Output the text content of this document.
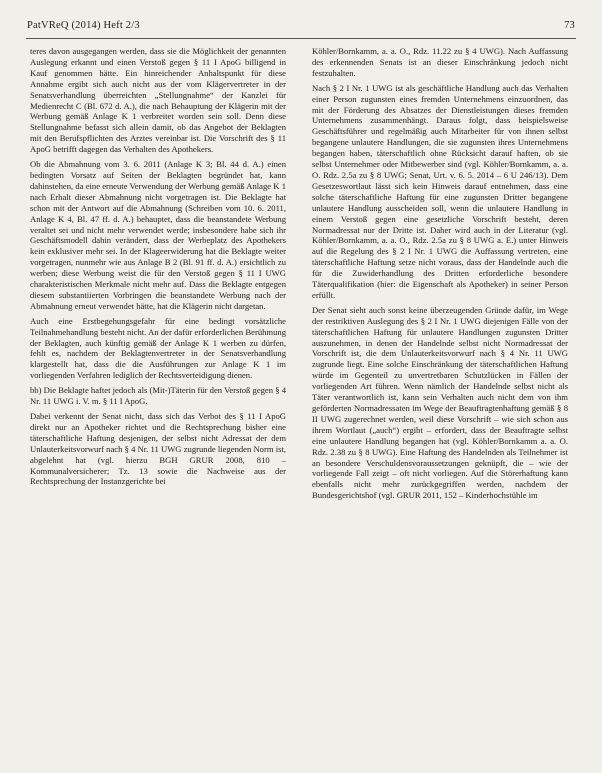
PatVReQ (2014) Heft 2/3	73

teres davon ausgegangen werden, dass sie die Möglichkeit der genannten Auslegung erkannt und einen Verstoß gegen § 11 I ApoG billigend in Kauf genommen hätte. Ein hinreichender Anhaltspunkt für diese Annahme ergibt sich auch nicht aus der vom Klägervertreter in der Senatsverhandlung überreichten „Stellungnahme“ der Kanzlei für Medienrecht C (Bl. 672 d. A.), die nach Behauptung der Klägerin mit der Werbung gemäß Anlage K 1 verbreitet worden sein soll. Denn diese Stellungnahme befasst sich allein damit, ob das Angebot der Beklagten mit den Berufspflichten des Arztes vereinbar ist. Die Vorschrift des § 11 ApoG betrifft dagegen das Verhalten des Apothekers.

Ob die Abmahnung vom 3. 6. 2011 (Anlage K 3; Bl. 44 d. A.) einen bedingten Vorsatz auf Seiten der Beklagten begründet hat, kann dahinstehen, da eine erneute Verwendung der Werbung gemäß Anlage K 1 nach Erhalt dieser Abmahnung nicht vorgetragen ist. Die Beklagte hat schon mit der Antwort auf die Abmahnung (Schreiben vom 10. 6. 2011, Anlage K 4, Bl. 47 ff. d. A.) behauptet, dass die beanstandete Werbung veraltet sei und nicht mehr verwendet werde; insbesondere habe sich ihr Geschäftsmodell dahin verändert, dass der Werbeplatz des Apothekers kein exklusiver mehr sei. In der Klageerwiderung hat die Beklagte weiter vorgetragen, nunmehr wie aus Anlage B 2 (Bl. 91 ff. d. A.) ersichtlich zu werben; diese Werbung weist die für den Verstoß gegen § 11 I UWG charakteristischen Merkmale nicht mehr auf. Dass die Beklagte entgegen diesem substantiierten Vorbringen die beanstandete Werbung nach der Abmahnung erneut verwendet hätte, hat die Klägerin nicht dargetan.

Auch eine Erstbegehungsgefahr für eine bedingt vorsätzliche Teilnahmehandlung besteht nicht. An der dafür erforderlichen Berühmung der Beklagten, auch künftig gemäß der Anlage K 1 werben zu dürfen, fehlt es, nachdem der Beklagtenvertreter in der Senatsverhandlung klargestellt hat, dass die die Ausführungen zur Anlage K 1 im vorliegenden Verfahren lediglich der Rechtsverteidigung dienen.

bb) Die Beklagte haftet jedoch als (Mit-)Täterin für den Verstoß gegen § 4 Nr. 11 UWG i. V. m. § 11 I ApoG.

Dabei verkennt der Senat nicht, dass sich das Verbot des § 11 I ApoG direkt nur an Apotheker richtet und die Rechtsprechung bisher eine täterschaftliche Haftung desjenigen, der selbst nicht Adressat der dem Unlauterkeitsvorwurf nach § 4 Nr. 11 UWG zugrunde liegenden Norm ist, abgelehnt hat (vgl. hierzu BGH GRUR 2008, 810 – Kommunalversicherer; Tz. 13 sowie die Nachweise aus der Rechtsprechung der Instanzgerichte bei

Köhler/Bornkamm, a. a. O., Rdz. 11.22 zu § 4 UWG). Nach Auffassung des erkennenden Senats ist an dieser Einschränkung jedoch nicht festzuhalten.

Nach § 2 I Nr. 1 UWG ist als geschäftliche Handlung auch das Verhalten einer Person zugunsten eines fremden Unternehmens einzuordnen, das mit der Förderung des Absatzes der Dienstleistungen dieses fremden Unternehmens zusammenhängt. Daraus folgt, dass beispielsweise Geschäftsführer und regelmäßig auch Mitarbeiter für von ihnen selbst begangene unlautere Handlungen, die sie zugunsten ihres Unternehmens begangen haben, täterschaftlich ohne Rücksicht darauf haften, ob sie selbst Unternehmer oder Mitbewerber sind (vgl. Köhler/Bornkamm, a. a. O. Rdz. 2.5a zu § 8 UWG; Senat, Urt. v. 6. 5. 2014 – 6 U 246/13). Dem Gesetzeswortlaut lässt sich kein Hinweis darauf entnehmen, dass eine solche täterschaftliche Haftung für eine zugunsten Dritter begangene unlautere Handlung ausscheiden soll, wenn die unlautere Handlung in einem Verstoß gegen eine gesetzliche Vorschrift besteht, deren Normadressat nur der Dritte ist. Daher wird auch in der Literatur (vgl. Köhler/Bornkamm, a. a. O., Rdz. 2.5a zu § 8 UWG a. E.) unter Hinweis auf die Regelung des § 2 I Nr. 1 UWG die Auffassung vertreten, eine täterschaftliche Haftung setze nicht voraus, dass der Handelnde auch die für die Zuwiderhandlung des Dritten erforderliche besondere Täterqualifikation (hier: die Eigenschaft als Apotheker) in seiner Person erfüllt.

Der Senat sieht auch sonst keine überzeugenden Gründe dafür, im Wege der restriktiven Auslegung des § 2 I Nr. 1 UWG diejenigen Fälle von der täterschaftlichen Haftung für unlautere Handlungen zugunsten Dritter auszunehmen, in denen der Handelnde selbst nicht Normadressat der Vorschrift ist, die dem Unlauterkeitsvorwurf nach § 4 Nr. 11 UWG zugrunde liegt. Eine solche Einschränkung der täterschaftlichen Haftung würde im Gegenteil zu unvertretbaren Schutzlücken in Fällen der vorliegenden Art führen. Wenn nämlich der Handelnde selbst nicht als Täter verantwortlich ist, kann sein Verhalten auch nicht dem von ihm geförderten Normadressaten im Wege der Beauftragtenhaftung gemäß § 8 II UWG zugerechnet werden, weil diese Vorschrift – wie sich schon aus ihrem Wortlaut („auch“) ergibt – erfordert, dass der Beauftragte selbst eine unlautere Handlung begangen hat (vgl. Köhler/Bornkamm a. a. O. Rdz. 2.38 zu § 8 UWG). Eine Haftung des Handelnden als Teilnehmer ist an besondere Verschuldensvoraussetzungen geknüpft, die – wie der vorliegende Fall zeigt – oft nicht vorliegen. Auf die Störerhaftung kann ebenfalls nicht mehr zurückgegriffen werden, nachdem der Bundesgerichtshof (vgl. GRUR 2011, 152 – Kinderhochstühle im
